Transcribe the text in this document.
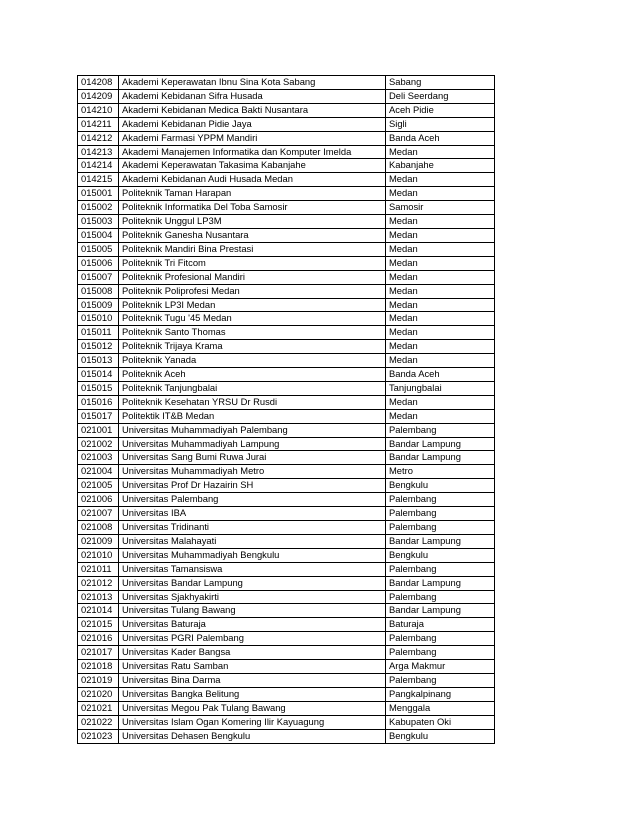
014208	Akademi Keperawatan Ibnu Sina Kota Sabang	Sabang
014209	Akademi Kebidanan Sifra Husada	Deli Seerdang
014210	Akademi Kebidanan Medica Bakti Nusantara	Aceh Pidie
014211	Akademi Kebidanan Pidie Jaya	Sigli
014212	Akademi Farmasi YPPM Mandiri	Banda Aceh
014213	Akademi Manajemen Informatika dan Komputer Imelda	Medan
014214	Akademi Keperawatan Takasima Kabanjahe	Kabanjahe
014215	Akademi Kebidanan Audi Husada Medan	Medan
015001	Politeknik Taman Harapan	Medan
015002	Politeknik Informatika Del Toba Samosir	Samosir
015003	Politeknik Unggul LP3M	Medan
015004	Politeknik Ganesha Nusantara	Medan
015005	Politeknik Mandiri Bina Prestasi	Medan
015006	Politeknik Tri Fitcom	Medan
015007	Politeknik Profesional Mandiri	Medan
015008	Politeknik Poliprofesi Medan	Medan
015009	Politeknik LP3I Medan	Medan
015010	Politeknik Tugu '45 Medan	Medan
015011	Politeknik Santo Thomas	Medan
015012	Politeknik Trijaya Krama	Medan
015013	Politeknik Yanada	Medan
015014	Politeknik Aceh	Banda Aceh
015015	Politeknik Tanjungbalai	Tanjungbalai
015016	Politeknik Kesehatan YRSU Dr Rusdi	Medan
015017	Politektik IT&B Medan	Medan
021001	Universitas Muhammadiyah Palembang	Palembang
021002	Universitas Muhammadiyah Lampung	Bandar Lampung
021003	Universitas Sang Bumi Ruwa Jurai	Bandar Lampung
021004	Universitas Muhammadiyah Metro	Metro
021005	Universitas Prof Dr Hazairin SH	Bengkulu
021006	Universitas Palembang	Palembang
021007	Universitas IBA	Palembang
021008	Universitas Tridinanti	Palembang
021009	Universitas Malahayati	Bandar Lampung
021010	Universitas Muhammadiyah Bengkulu	Bengkulu
021011	Universitas Tamansiswa	Palembang
021012	Universitas Bandar Lampung	Bandar Lampung
021013	Universitas Sjakhyakirti	Palembang
021014	Universitas Tulang Bawang	Bandar Lampung
021015	Universitas Baturaja	Baturaja
021016	Universitas PGRI Palembang	Palembang
021017	Universitas Kader Bangsa	Palembang
021018	Universitas Ratu Samban	Arga Makmur
021019	Universitas Bina Darma	Palembang
021020	Universitas Bangka Belitung	Pangkalpinang
021021	Universitas Megou Pak Tulang Bawang	Menggala
021022	Universitas Islam Ogan Komering Ilir Kayuagung	Kabupaten Oki
021023	Universitas Dehasen Bengkulu	Bengkulu
